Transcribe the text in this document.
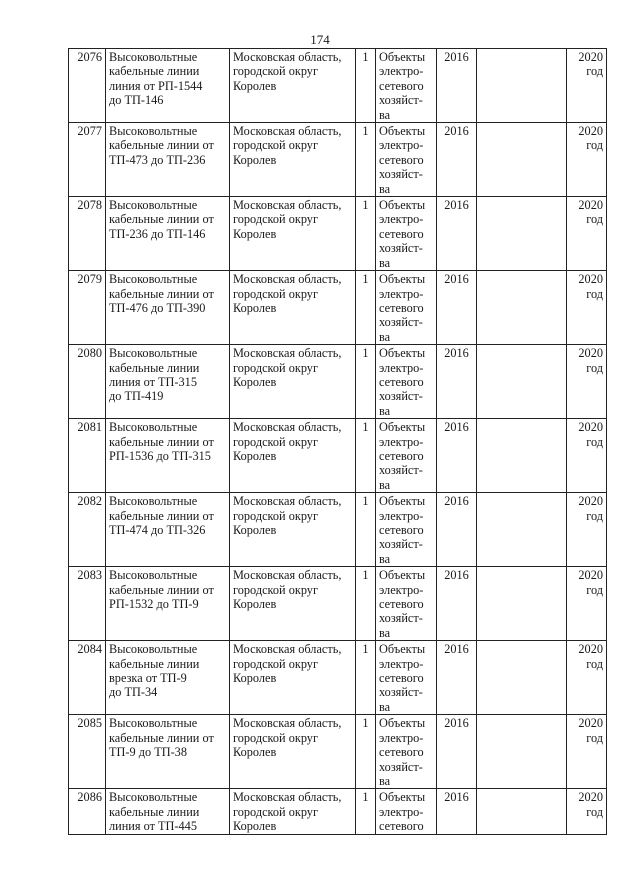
174
2076	Высоковольтные
кабельные линии
линия от РП-1544
до ТП-146	Московская область,
городской округ
Королев	1	Объекты
электро-
сетевого
хозяйст-
ва	2016		2020
год

2077	Высоковольтные
кабельные линии от
ТП-473 до ТП-236	Московская область,
городской округ
Королев	1	Объекты
электро-
сетевого
хозяйст-
ва	2016		2020
год

2078	Высоковольтные
кабельные линии от
ТП-236 до ТП-146	Московская область,
городской округ
Королев	1	Объекты
электро-
сетевого
хозяйст-
ва	2016		2020
год

2079	Высоковольтные
кабельные линии от
ТП-476 до ТП-390	Московская область,
городской округ
Королев	1	Объекты
электро-
сетевого
хозяйст-
ва	2016		2020
год

2080	Высоковольтные
кабельные линии
линия от ТП-315
до ТП-419	Московская область,
городской округ
Королев	1	Объекты
электро-
сетевого
хозяйст-
ва	2016		2020
год

2081	Высоковольтные
кабельные линии от
РП-1536 до ТП-315	Московская область,
городской округ
Королев	1	Объекты
электро-
сетевого
хозяйст-
ва	2016		2020
год

2082	Высоковольтные
кабельные линии от
ТП-474 до ТП-326	Московская область,
городской округ
Королев	1	Объекты
электро-
сетевого
хозяйст-
ва	2016		2020
год

2083	Высоковольтные
кабельные линии от
РП-1532 до ТП-9	Московская область,
городской округ
Королев	1	Объекты
электро-
сетевого
хозяйст-
ва	2016		2020
год

2084	Высоковольтные
кабельные линии
врезка от ТП-9
до ТП-34	Московская область,
городской округ
Королев	1	Объекты
электро-
сетевого
хозяйст-
ва	2016		2020
год

2085	Высоковольтные
кабельные линии от
ТП-9 до ТП-38	Московская область,
городской округ
Королев	1	Объекты
электро-
сетевого
хозяйст-
ва	2016		2020
год

2086	Высоковольтные
кабельные линии
линия от ТП-445	Московская область,
городской округ
Королев	1	Объекты
электро-
сетевого	2016		2020
год
